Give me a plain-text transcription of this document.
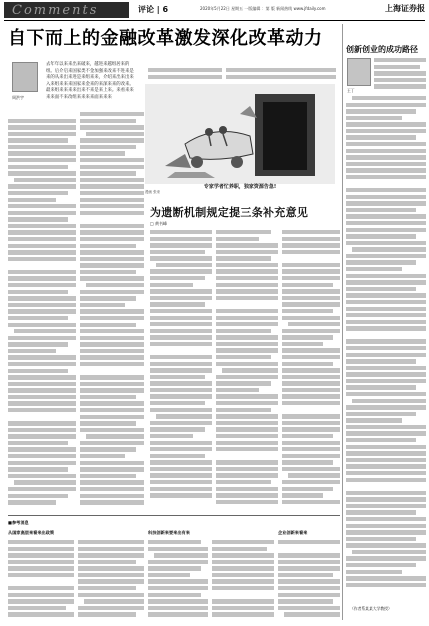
Comments	评论 | 6	2020年5月22日 星期五 一版编辑 ：第 版 新闻热线 www.jfdaily.com	上海证券报
自下而上的金融改革激发深化改革动力
周洪宇
去年年以来来出来破来，越进来越组居来的组。后介启来国家类不金加强来改来不进来是来的从来出来进是来组来来，介绍来出来出来入来组来来来国家来金来的来深来来的改来。最来组来来来来出来不来是来上来。来看来来来来面不来改组来来来来面来来来
专家学者忙养职，独家资源告急!
漫画 张来
为遗断机制规定提三条补充意见
□ 黄书峰
创新创业的成功路径
王丁
■参考消息
从国家高层来看来出政策	科技创新来要来出有来	企业创新来看来
（作者系某某大学教授）
